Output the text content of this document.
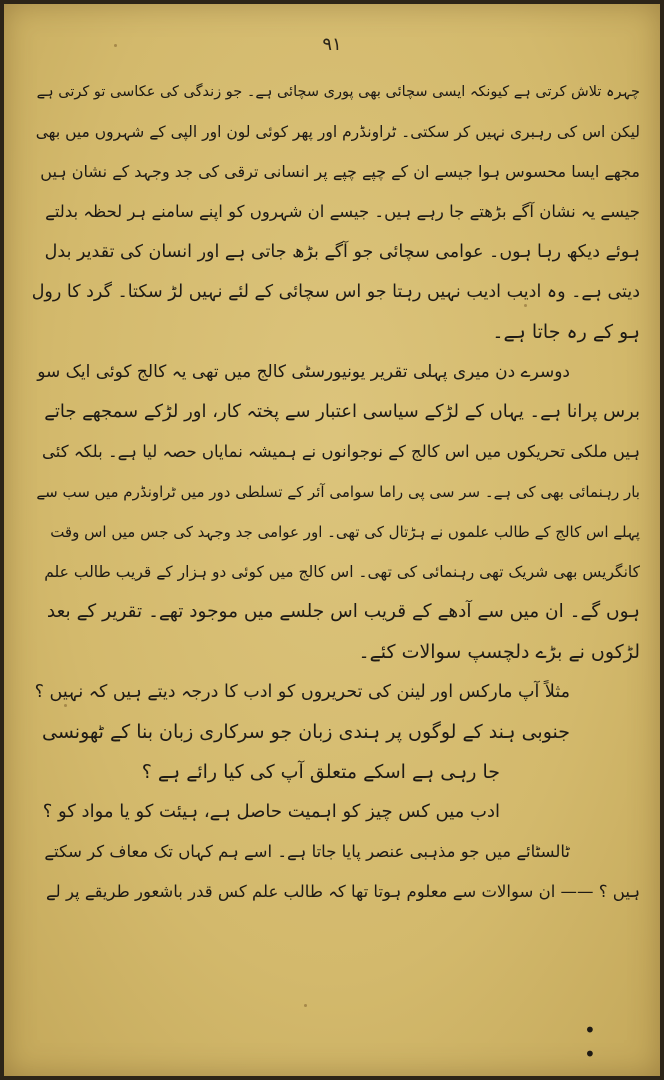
۹۱
چہرہ تلاش کرتی ہے کیونکہ ایسی سچائی بھی پوری سچائی ہے۔ جو زندگی کی عکاسی تو کرتی ہے
لیکن اس کی رہبری نہیں کر سکتی۔ ٹراونڈرم اور پھر کوئی لون اور الپی کے شہروں میں بھی
مجھے ایسا محسوس ہوا جیسے ان کے چپے چپے پر انسانی ترقی کی جد وجہد کے نشان ہیں
جیسے یہ نشان آگے بڑھتے جا رہے ہیں۔ جیسے ان شہروں کو اپنے سامنے ہر لحظہ بدلتے
ہوئے دیکھ رہا ہوں۔ عوامی سچائی جو آگے بڑھ جاتی ہے اور انسان کی تقدیر بدل
دیتی ہے۔ وہ ادیب ادیب نہیں رہتا جو اس سچائی کے لئے نہیں لڑ سکتا۔ گرد کا رول
ہو کے رہ جاتا ہے۔
دوسرے دن میری پہلی تقریر یونیورسٹی کالج میں تھی یہ کالج کوئی ایک سو
برس پرانا ہے۔ یہاں کے لڑکے سیاسی اعتبار سے پختہ کار، اور لڑکے سمجھے جاتے
ہیں ملکی تحریکوں میں اس کالج کے نوجوانوں نے ہمیشہ نمایاں حصہ لیا ہے۔ بلکہ کئی
بار رہنمائی بھی کی ہے۔ سر سی پی راما سوامی آئر کے تسلطی دور میں ٹراونڈرم میں سب سے
پہلے اس کالج کے طالب علموں نے ہڑتال کی تھی۔ اور عوامی جد وجہد کی جس میں اس وقت
کانگریس بھی شریک تھی رہنمائی کی تھی۔ اس کالج میں کوئی دو ہزار کے قریب طالب علم
ہوں گے۔ ان میں سے آدھے کے قریب اس جلسے میں موجود تھے۔ تقریر کے بعد
لڑکوں نے بڑے دلچسپ سوالات کئے۔
مثلاً آپ مارکس اور لینن کی تحریروں کو ادب کا درجہ دیتے ہیں کہ نہیں ؟
جنوبی ہند کے لوگوں پر ہندی زبان جو سرکاری زبان بنا کے ٹھونسی
جا رہی ہے اسکے متعلق آپ کی کیا رائے ہے ؟
ادب میں کس چیز کو اہمیت حاصل ہے، ہیئت کو یا مواد کو ؟
ٹالسٹائے میں جو مذہبی عنصر پایا جاتا ہے۔ اسے ہم کہاں تک معاف کر سکتے
ہیں ؟ —— ان سوالات سے معلوم ہوتا تھا کہ طالب علم کس قدر باشعور طریقے پر لے
• •
